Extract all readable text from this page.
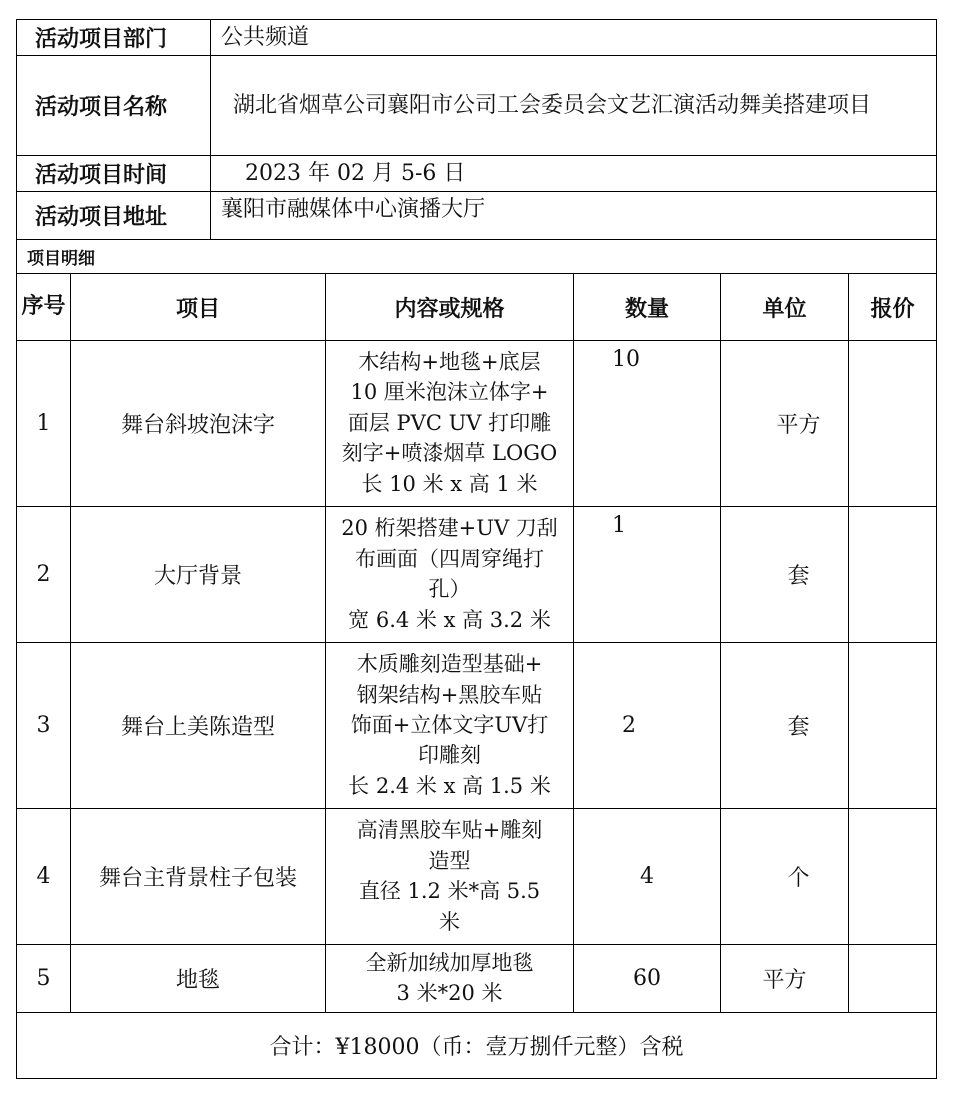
活动项目部门		公共频道				
活动项目名称		湖北省烟草公司襄阳市公司工会委员会文艺汇演活动舞美搭建项目				
活动项目时间		2023 年 02 月 5-6 日				
活动项目地址		襄阳市融媒体中心演播大厅				
项目明细						
序号	项目		内容或规格	数量	单位	报价
1	舞台斜坡泡沫字		木结构+地毯+底层
10 厘米泡沫立体字+
面层 PVC UV 打印雕
刻字+喷漆烟草 LOGO
长 10 米 x 高 1 米	10	平方	
2	大厅背景		20 桁架搭建+UV 刀刮
布画面（四周穿绳打
孔）
宽 6.4 米 x 高 3.2 米	1	套	
3	舞台上美陈造型		木质雕刻造型基础+
钢架结构+黑胶车贴
饰面+立体文字UV打
印雕刻
长 2.4 米 x 高 1.5 米	2	套	
4	舞台主背景柱子包装		高清黑胶车贴+雕刻
造型
直径 1.2 米*高 5.5
米	4	个	
5	地毯		全新加绒加厚地毯
3 米*20 米	60	平方	
合计：¥18000（币：壹万捌仟元整）含税						
